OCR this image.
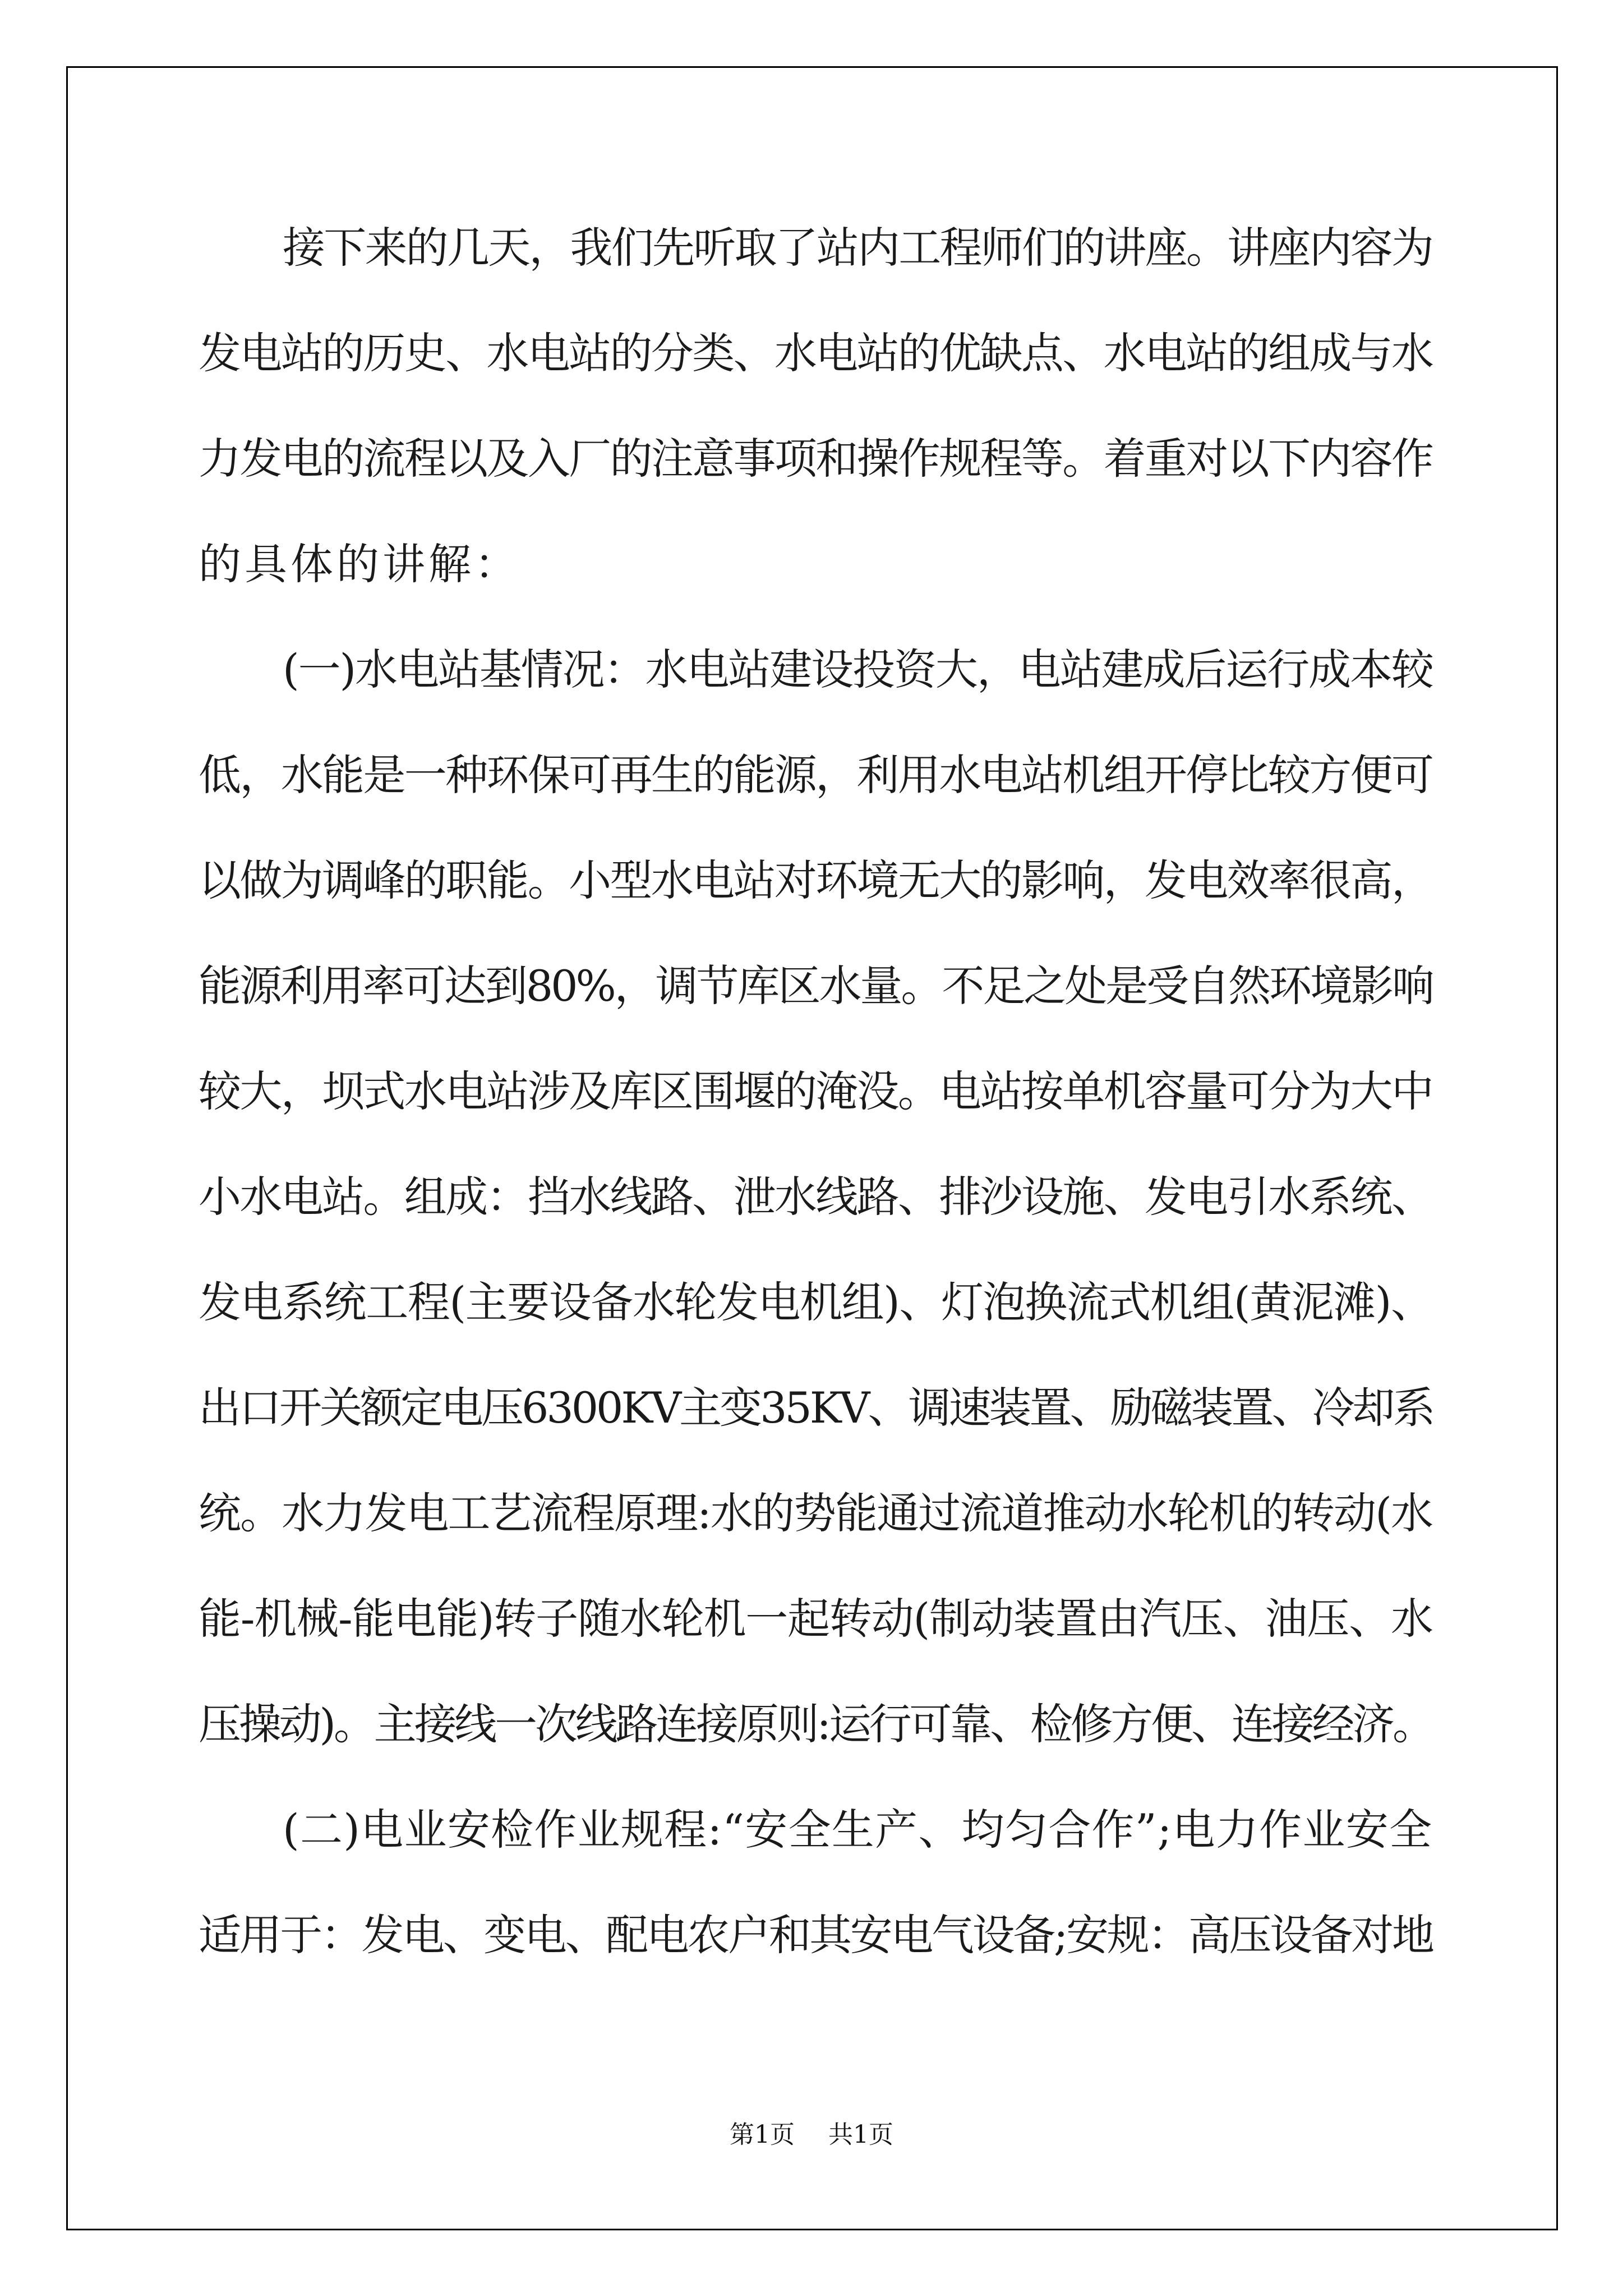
接下来的几天，我们先听取了站内工程师们的讲座。讲座内容为
发电站的历史、水电站的分类、水电站的优缺点、水电站的组成与水
力发电的流程以及入厂的注意事项和操作规程等。着重对以下内容作
的具体的讲解：
(一)水电站基情况：水电站建设投资大，电站建成后运行成本较
低，水能是一种环保可再生的能源，利用水电站机组开停比较方便可
以做为调峰的职能。小型水电站对环境无大的影响，发电效率很高，
能源利用率可达到80%，调节库区水量。不足之处是受自然环境影响
较大，坝式水电站涉及库区围堰的淹没。电站按单机容量可分为大中
小水电站。组成：挡水线路、泄水线路、排沙设施、发电引水系统、
发电系统工程(主要设备水轮发电机组)、灯泡换流式机组(黄泥滩)、
出口开关额定电压6300KV主变35KV、调速装置、励磁装置、冷却系
统。水力发电工艺流程原理:水的势能通过流道推动水轮机的转动(水
能-机械-能电能)转子随水轮机一起转动(制动装置由汽压、油压、水
压操动)。主接线一次线路连接原则:运行可靠、检修方便、连接经济。
(二)电业安检作业规程:“安全生产、均匀合作”;电力作业安全
适用于：发电、变电、配电农户和其安电气设备;安规：高压设备对地
第1页 共1页
